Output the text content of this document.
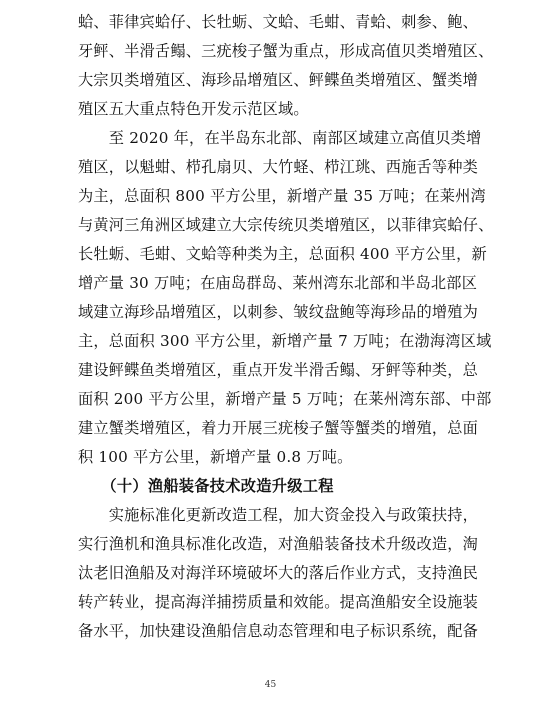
蛤、菲律宾蛤仔、长牡蛎、文蛤、毛蚶、青蛤、刺参、鲍、
牙鲆、半滑舌鳎、三疣梭子蟹为重点，形成高值贝类增殖区、
大宗贝类增殖区、海珍品增殖区、鲆鲽鱼类增殖区、蟹类增
殖区五大重点特色开发示范区域。
　　至 2020 年，在半岛东北部、南部区域建立高值贝类增
殖区，以魁蚶、栉孔扇贝、大竹蛏、栉江珧、西施舌等种类
为主，总面积 800 平方公里，新增产量 35 万吨；在莱州湾
与黄河三角洲区域建立大宗传统贝类增殖区，以菲律宾蛤仔、
长牡蛎、毛蚶、文蛤等种类为主，总面积 400 平方公里，新
增产量 30 万吨；在庙岛群岛、莱州湾东北部和半岛北部区
域建立海珍品增殖区，以刺参、皱纹盘鲍等海珍品的增殖为
主，总面积 300 平方公里，新增产量 7 万吨；在渤海湾区域
建设鲆鲽鱼类增殖区，重点开发半滑舌鳎、牙鲆等种类，总
面积 200 平方公里，新增产量 5 万吨；在莱州湾东部、中部
建立蟹类增殖区，着力开展三疣梭子蟹等蟹类的增殖，总面
积 100 平方公里，新增产量 0.8 万吨。
　　（十）渔船装备技术改造升级工程
　　实施标准化更新改造工程，加大资金投入与政策扶持，
实行渔机和渔具标准化改造，对渔船装备技术升级改造，淘
汰老旧渔船及对海洋环境破坏大的落后作业方式，支持渔民
转产转业，提高海洋捕捞质量和效能。提高渔船安全设施装
备水平，加快建设渔船信息动态管理和电子标识系统，配备
45
